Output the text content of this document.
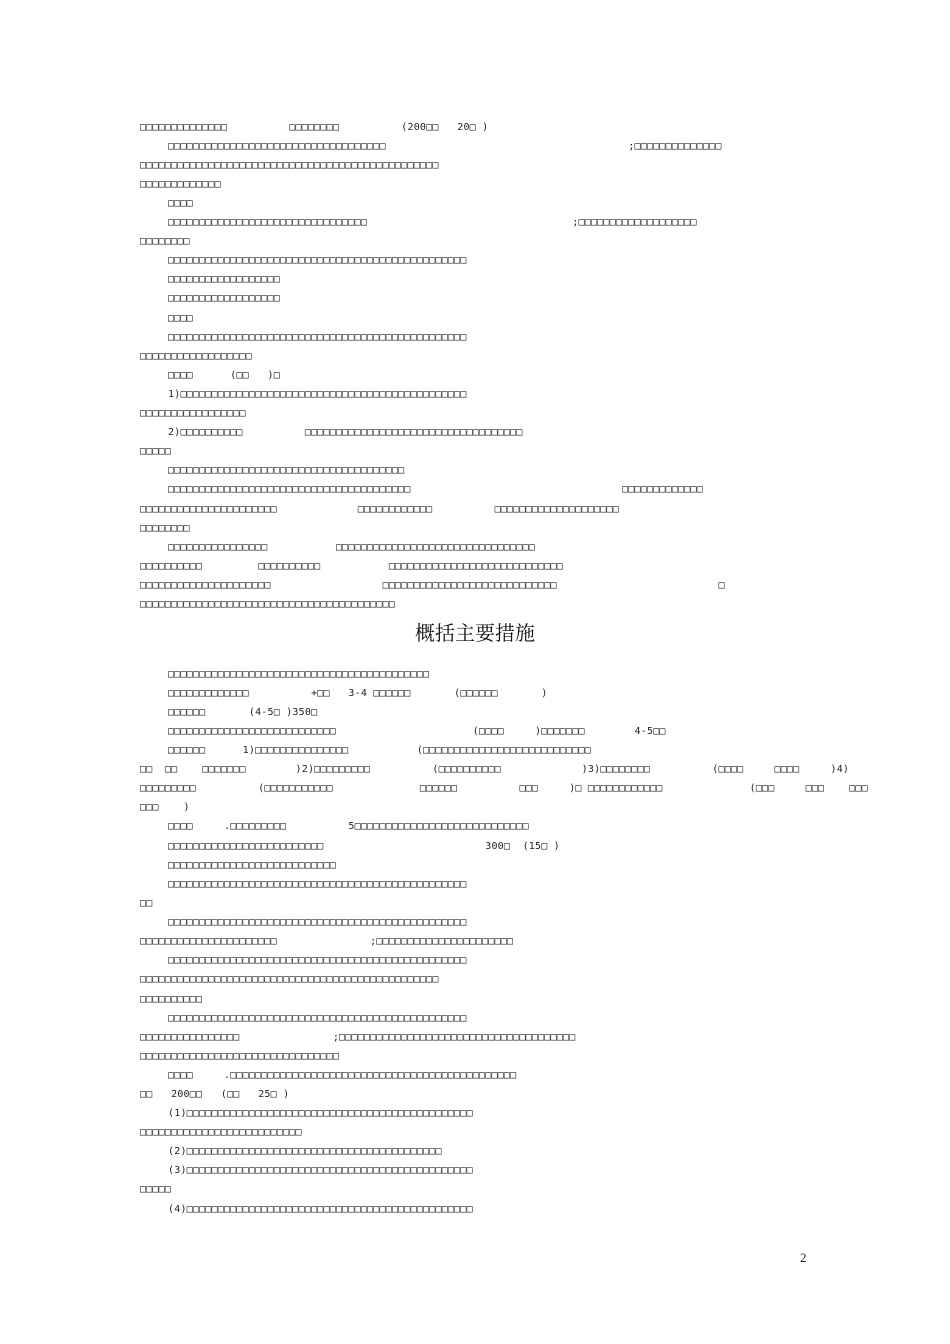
□□□□□□□□□□□□□□          □□□□□□□□          (200□□   20□ )
□□□□□□□□□□□□□□□□□□□□□□□□□□□□□□□□□□□                                       ;□□□□□□□□□□□□□□
□□□□□□□□□□□□□□□□□□□□□□□□□□□□□□□□□□□□□□□□□□□□□□□□
□□□□□□□□□□□□□
□□□□
□□□□□□□□□□□□□□□□□□□□□□□□□□□□□□□□                                 ;□□□□□□□□□□□□□□□□□□□
□□□□□□□□
□□□□□□□□□□□□□□□□□□□□□□□□□□□□□□□□□□□□□□□□□□□□□□□□
□□□□□□□□□□□□□□□□□□
□□□□□□□□□□□□□□□□□□
□□□□
□□□□□□□□□□□□□□□□□□□□□□□□□□□□□□□□□□□□□□□□□□□□□□□□
□□□□□□□□□□□□□□□□□□
□□□□      (□□   )□
1)□□□□□□□□□□□□□□□□□□□□□□□□□□□□□□□□□□□□□□□□□□□□□□
□□□□□□□□□□□□□□□□□
2)□□□□□□□□□□          □□□□□□□□□□□□□□□□□□□□□□□□□□□□□□□□□□□
□□□□□
□□□□□□□□□□□□□□□□□□□□□□□□□□□□□□□□□□□□□□
□□□□□□□□□□□□□□□□□□□□□□□□□□□□□□□□□□□□□□□                                  □□□□□□□□□□□□□
□□□□□□□□□□□□□□□□□□□□□□             □□□□□□□□□□□□          □□□□□□□□□□□□□□□□□□□□
□□□□□□□□
□□□□□□□□□□□□□□□□           □□□□□□□□□□□□□□□□□□□□□□□□□□□□□□□□
□□□□□□□□□□         □□□□□□□□□□           □□□□□□□□□□□□□□□□□□□□□□□□□□□□
□□□□□□□□□□□□□□□□□□□□□                  □□□□□□□□□□□□□□□□□□□□□□□□□□□□                          □
□□□□□□□□□□□□□□□□□□□□□□□□□□□□□□□□□□□□□□□□□
概括主要措施
□□□□□□□□□□□□□□□□□□□□□□□□□□□□□□□□□□□□□□□□□□
□□□□□□□□□□□□□          +□□   3-4 □□□□□□       (□□□□□□       )
□□□□□□       (4-5□ )350□
□□□□□□□□□□□□□□□□□□□□□□□□□□□                      (□□□□     )□□□□□□□        4-5□□
□□□□□□      1)□□□□□□□□□□□□□□□           (□□□□□□□□□□□□□□□□□□□□□□□□□□□
□□  □□    □□□□□□□        )2)□□□□□□□□□          (□□□□□□□□□□             )3)□□□□□□□□          (□□□□     □□□□     )4)
□□□□□□□□□          (□□□□□□□□□□□              □□□□□□          □□□     )□ □□□□□□□□□□□□              (□□□     □□□    □□□
□□□    )
□□□□     .□□□□□□□□□          5□□□□□□□□□□□□□□□□□□□□□□□□□□□□
□□□□□□□□□□□□□□□□□□□□□□□□□                          300□  (15□ )
□□□□□□□□□□□□□□□□□□□□□□□□□□□
□□□□□□□□□□□□□□□□□□□□□□□□□□□□□□□□□□□□□□□□□□□□□□□□
□□
□□□□□□□□□□□□□□□□□□□□□□□□□□□□□□□□□□□□□□□□□□□□□□□□
□□□□□□□□□□□□□□□□□□□□□□               ;□□□□□□□□□□□□□□□□□□□□□□
□□□□□□□□□□□□□□□□□□□□□□□□□□□□□□□□□□□□□□□□□□□□□□□□
□□□□□□□□□□□□□□□□□□□□□□□□□□□□□□□□□□□□□□□□□□□□□□□□
□□□□□□□□□□
□□□□□□□□□□□□□□□□□□□□□□□□□□□□□□□□□□□□□□□□□□□□□□□□
□□□□□□□□□□□□□□□□               ;□□□□□□□□□□□□□□□□□□□□□□□□□□□□□□□□□□□□□□
□□□□□□□□□□□□□□□□□□□□□□□□□□□□□□□□
□□□□     .□□□□□□□□□□□□□□□□□□□□□□□□□□□□□□□□□□□□□□□□□□□□□□
□□   200□□   (□□   25□ )
(1)□□□□□□□□□□□□□□□□□□□□□□□□□□□□□□□□□□□□□□□□□□□□□□
□□□□□□□□□□□□□□□□□□□□□□□□□□
(2)□□□□□□□□□□□□□□□□□□□□□□□□□□□□□□□□□□□□□□□□□
(3)□□□□□□□□□□□□□□□□□□□□□□□□□□□□□□□□□□□□□□□□□□□□□□
□□□□□
(4)□□□□□□□□□□□□□□□□□□□□□□□□□□□□□□□□□□□□□□□□□□□□□□
2
